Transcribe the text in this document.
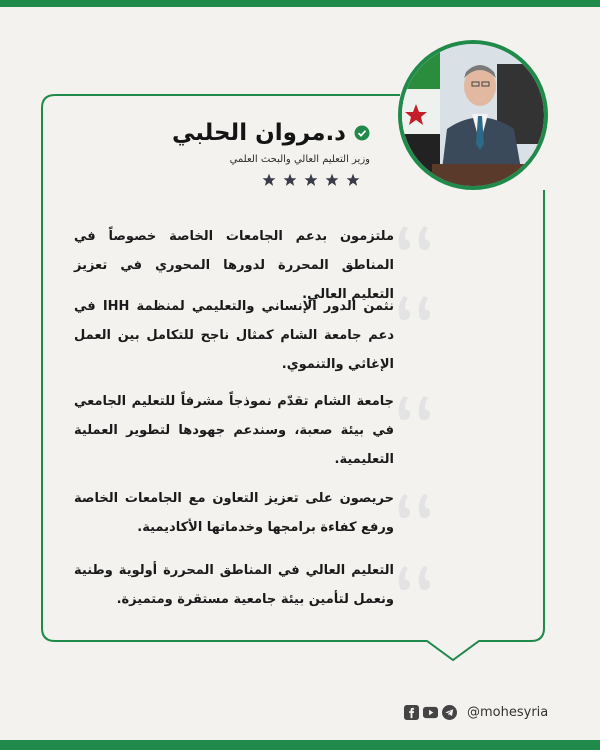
د.مروان الحلبي
وزير التعليم العالي والبحث العلمي
ملتزمون بدعم الجامعات الخاصة خصوصاً في المناطق المحررة لدورها المحوري في تعزيز التعليم العالي.
نثمن الدور الإنساني والتعليمي لمنظمة IHH في دعم جامعة الشام كمثال ناجح للتكامل بين العمل الإغاثي والتنموي.
جامعة الشام تقدّم نموذجاً مشرفاً للتعليم الجامعي في بيئة صعبة، وسندعم جهودها لتطوير العملية التعليمية.
حريصون على تعزيز التعاون مع الجامعات الخاصة ورفع كفاءة برامجها وخدماتها الأكاديمية.
التعليم العالي في المناطق المحررة أولوية وطنية ونعمل لتأمين بيئة جامعية مستقرة ومتميزة.
@mohesyria
